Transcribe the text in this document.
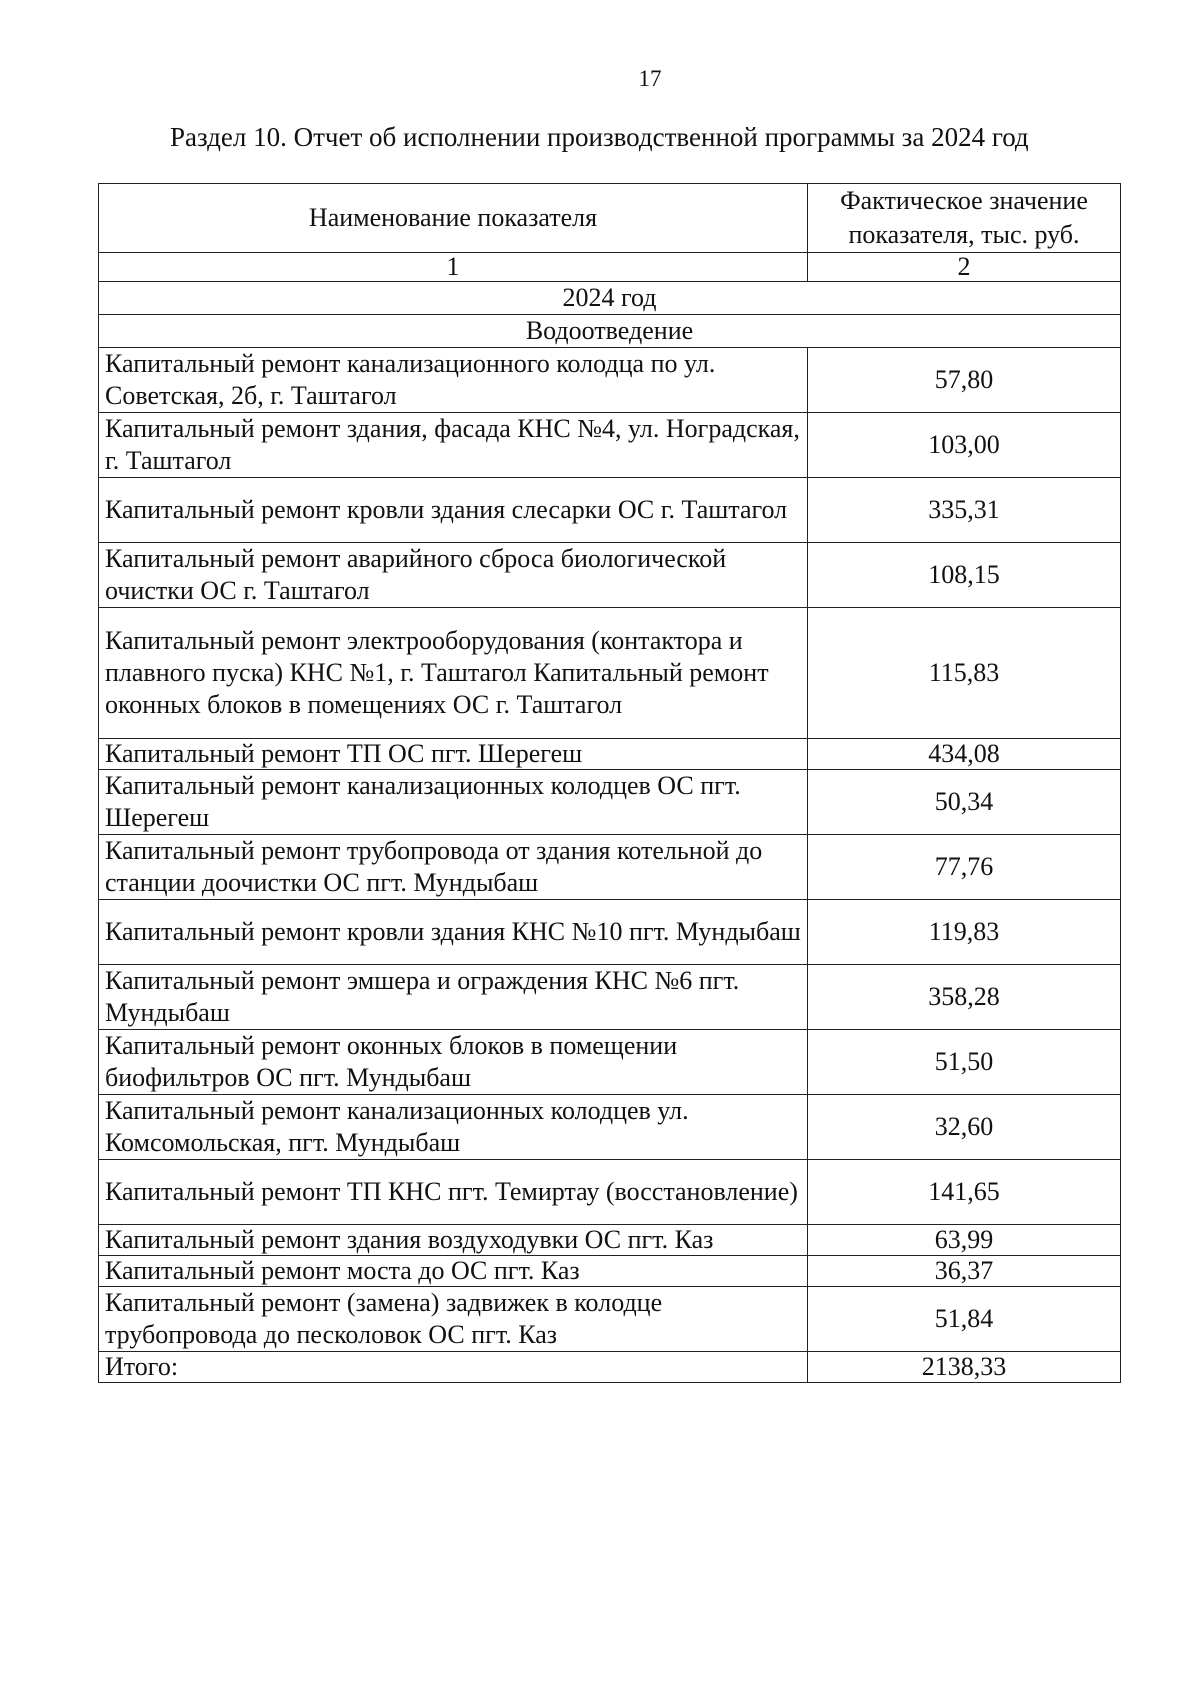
17
Раздел 10. Отчет об исполнении производственной программы за 2024 год
Наименование показателя	Фактическое значение показателя, тыс. руб.
1	2
2024 год	
Водоотведение	
Капитальный ремонт канализационного колодца по ул. Советская, 2б, г. Таштагол	57,80
Капитальный ремонт здания, фасада КНС №4, ул. Ноградская, г. Таштагол	103,00
Капитальный ремонт кровли здания слесарки ОС г. Таштагол	335,31
Капитальный ремонт аварийного сброса биологической очистки ОС г. Таштагол	108,15
Капитальный ремонт электрооборудования (контактора и плавного пуска) КНС №1, г. Таштагол Капитальный ремонт оконных блоков в помещениях ОС г. Таштагол	115,83
Капитальный ремонт ТП ОС пгт. Шерегеш	434,08
Капитальный ремонт канализационных колодцев ОС пгт. Шерегеш	50,34
Капитальный ремонт трубопровода от здания котельной до станции доочистки ОС пгт. Мундыбаш	77,76
Капитальный ремонт кровли здания КНС №10 пгт. Мундыбаш	119,83
Капитальный ремонт эмшера и ограждения КНС №6 пгт. Мундыбаш	358,28
Капитальный ремонт оконных блоков в помещении биофильтров ОС пгт. Мундыбаш	51,50
Капитальный ремонт канализационных колодцев ул. Комсомольская, пгт. Мундыбаш	32,60
Капитальный ремонт ТП КНС пгт. Темиртау (восстановление)	141,65
Капитальный ремонт здания воздуходувки ОС пгт. Каз	63,99
Капитальный ремонт моста до ОС пгт. Каз	36,37
Капитальный ремонт (замена) задвижек в колодце трубопровода до песколовок ОС пгт. Каз	51,84
Итого:	2138,33
